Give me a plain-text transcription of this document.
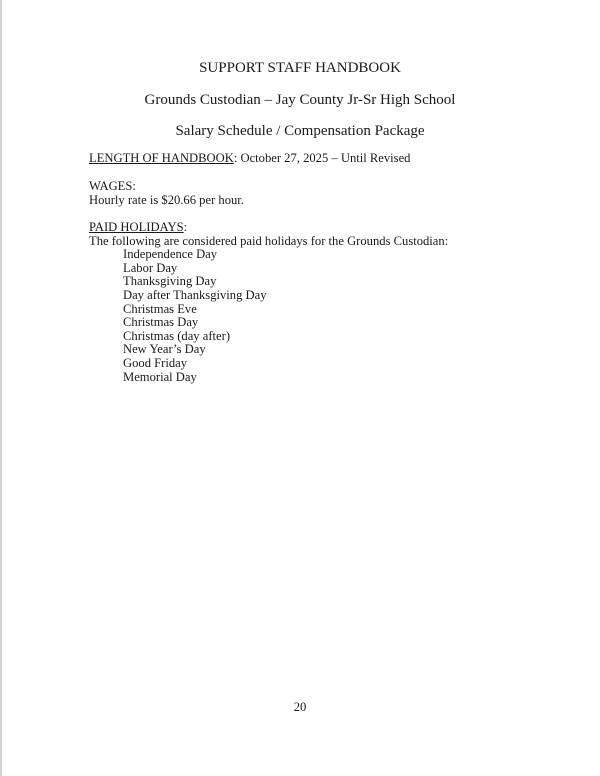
SUPPORT STAFF HANDBOOK
Grounds Custodian – Jay County Jr-Sr High School
Salary Schedule / Compensation Package
LENGTH OF HANDBOOK: October 27, 2025 – Until Revised
WAGES:
Hourly rate is $20.66 per hour.
PAID HOLIDAYS:
The following are considered paid holidays for the Grounds Custodian:
Independence Day
Labor Day
Thanksgiving Day
Day after Thanksgiving Day
Christmas Eve
Christmas Day
Christmas (day after)
New Year’s Day
Good Friday
Memorial Day
20
